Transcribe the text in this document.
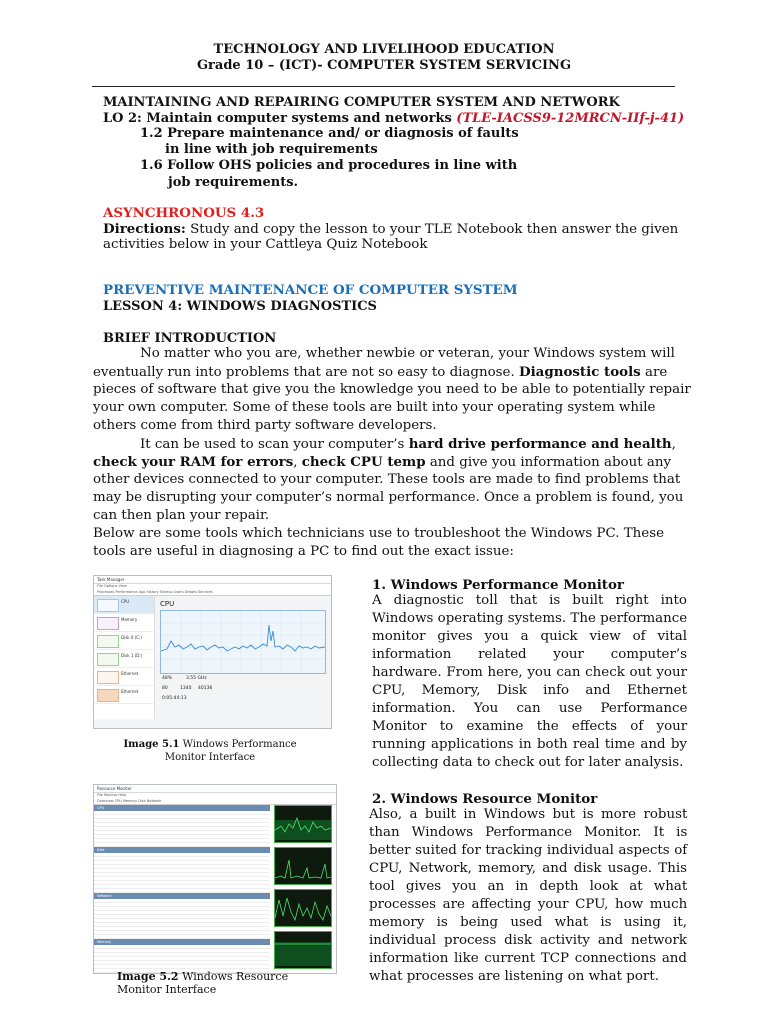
TECHNOLOGY AND LIVELIHOOD EDUCATION
Grade 10 – (ICT)- COMPUTER SYSTEM SERVICING
MAINTAINING AND REPAIRING COMPUTER SYSTEM AND NETWORK
LO 2: Maintain computer systems and networks (TLE-IACSS9-12MRCN-IIf-j-41)
1.2 Prepare maintenance and/ or diagnosis of faults
in line with job requirements
1.6 Follow OHS policies and procedures in line with
job requirements.
ASYNCHRONOUS 4.3
Directions: Study and copy the lesson to your TLE Notebook then answer the given
activities below in your Cattleya Quiz Notebook
PREVENTIVE MAINTENANCE OF COMPUTER SYSTEM
LESSON 4: WINDOWS DIAGNOSTICS
BRIEF INTRODUCTION
No matter who you are, whether newbie or veteran, your Windows system will
eventually run into problems that are not so easy to diagnose. Diagnostic tools are
pieces of software that give you the knowledge you need to be able to potentially repair
your own computer. Some of these tools are built into your operating system while
others come from third party software developers.
It can be used to scan your computer’s hard drive performance and health,
check your RAM for errors, check CPU temp and give you information about any
other devices connected to your computer. These tools are made to find problems that
may be disrupting your computer’s normal performance. Once a problem is found, you
can then plan your repair.
Below are some tools which technicians use to troubleshoot the Windows PC. These
tools are useful in diagnosing a PC to find out the exact issue:
Task Manager
File Options View
Processes Performance App history Startup Users Details Services
CPU
Memory
Disk 0 (C:)
Disk 1 (D:)
Ethernet
Ethernet
CPU
48%	3.55 GHz
80	1340 40136
0:05:44:13
Image 5.1 Windows Performance
Monitor Interface
1. Windows Performance Monitor
A diagnostic toll that is built right into
Windows operating systems. The performance
monitor gives you a quick view of vital
information related your computer’s
hardware. From here, you can check out your
CPU, Memory, Disk info and Ethernet
information. You can use Performance
Monitor to examine the effects of your
running applications in both real time and by
collecting data to check out for later analysis.
Resource Monitor
File Monitor Help
Overview CPU Memory Disk Network
CPU
Disk
Network
Memory
Image 5.2 Windows Resource
Monitor Interface
2. Windows Resource Monitor
Also, a built in Windows but is more robust
than Windows Performance Monitor. It is
better suited for tracking individual aspects of
CPU, Network, memory, and disk usage. This
tool gives you an in depth look at what
processes are affecting your CPU, how much
memory is being used what is using it,
individual process disk activity and network
information like current TCP connections and
what processes are listening on what port.
